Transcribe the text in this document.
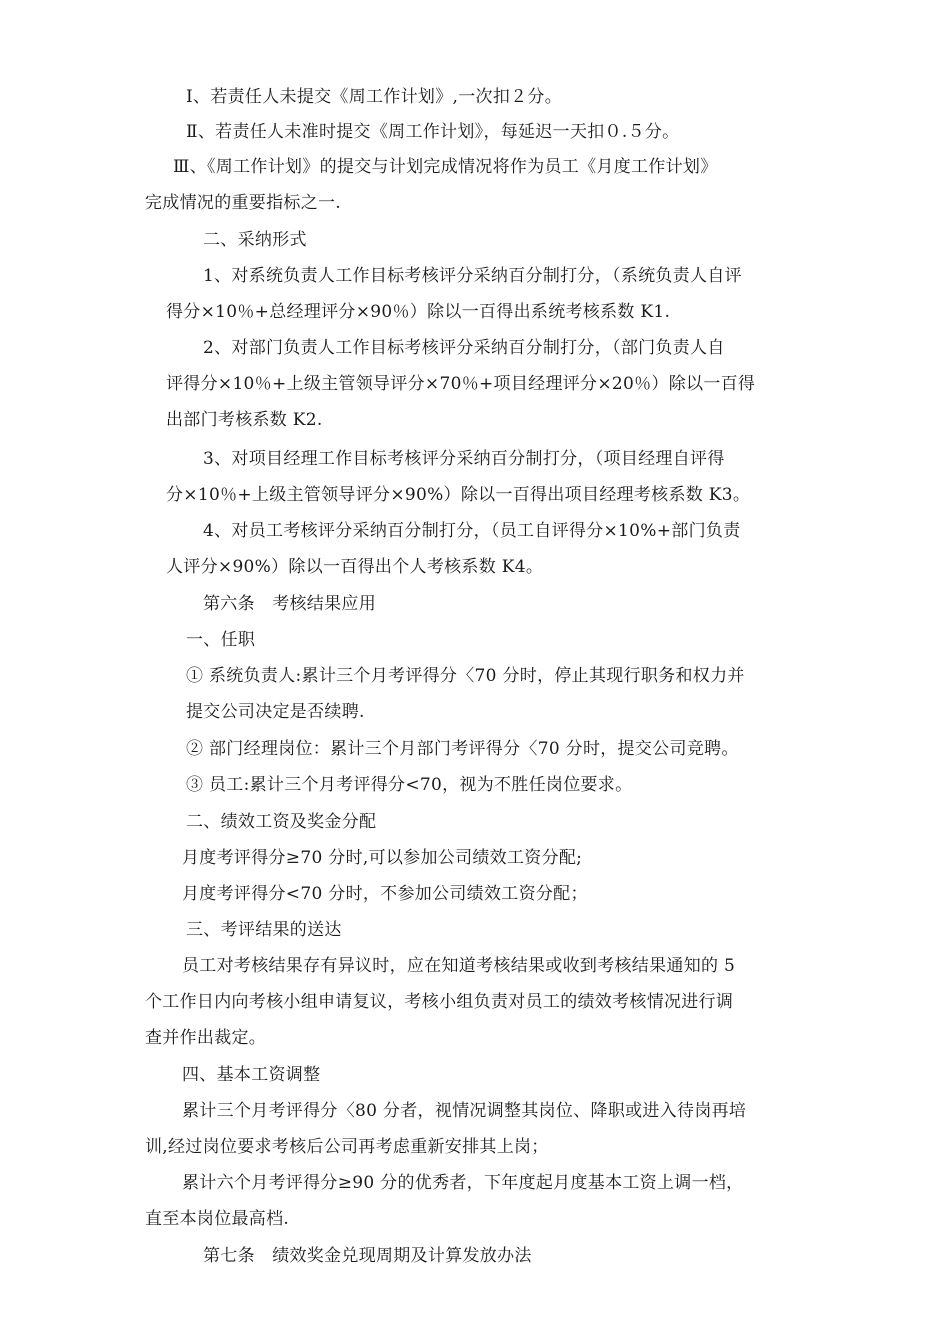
Ⅰ、若责任人未提交《周工作计划》,一次扣２分。
Ⅱ、若责任人未准时提交《周工作计划》，每延迟一天扣０.５分。
Ⅲ、《周工作计划》的提交与计划完成情况将作为员工《月度工作计划》
完成情况的重要指标之一.
二、采纳形式
1、对系统负责人工作目标考核评分采纳百分制打分，（系统负责人自评
得分×10％+总经理评分×90％）除以一百得出系统考核系数 K1.
2、对部门负责人工作目标考核评分采纳百分制打分，（部门负责人自
评得分×10％+上级主管领导评分×70％+项目经理评分×20％）除以一百得
出部门考核系数 K2.
3、对项目经理工作目标考核评分采纳百分制打分，（项目经理自评得
分×10％+上级主管领导评分×90%）除以一百得出项目经理考核系数 K3。
4、对员工考核评分采纳百分制打分，（员工自评得分×10%+部门负责
人评分×90%）除以一百得出个人考核系数 K4。
第六条　考核结果应用
一、任职
① 系统负责人:累计三个月考评得分〈70 分时，停止其现行职务和权力并
提交公司决定是否续聘.
② 部门经理岗位：累计三个月部门考评得分〈70 分时，提交公司竞聘。
③ 员工:累计三个月考评得分<70，视为不胜任岗位要求。
二、绩效工资及奖金分配
月度考评得分≥70 分时,可以参加公司绩效工资分配;
月度考评得分<70 分时，不参加公司绩效工资分配；
三、考评结果的送达
员工对考核结果存有异议时，应在知道考核结果或收到考核结果通知的 5
个工作日内向考核小组申请复议，考核小组负责对员工的绩效考核情况进行调
查并作出裁定。
四、基本工资调整
累计三个月考评得分〈80 分者，视情况调整其岗位、降职或进入待岗再培
训,经过岗位要求考核后公司再考虑重新安排其上岗；
累计六个月考评得分≥90 分的优秀者，下年度起月度基本工资上调一档，
直至本岗位最高档.
第七条　绩效奖金兑现周期及计算发放办法
